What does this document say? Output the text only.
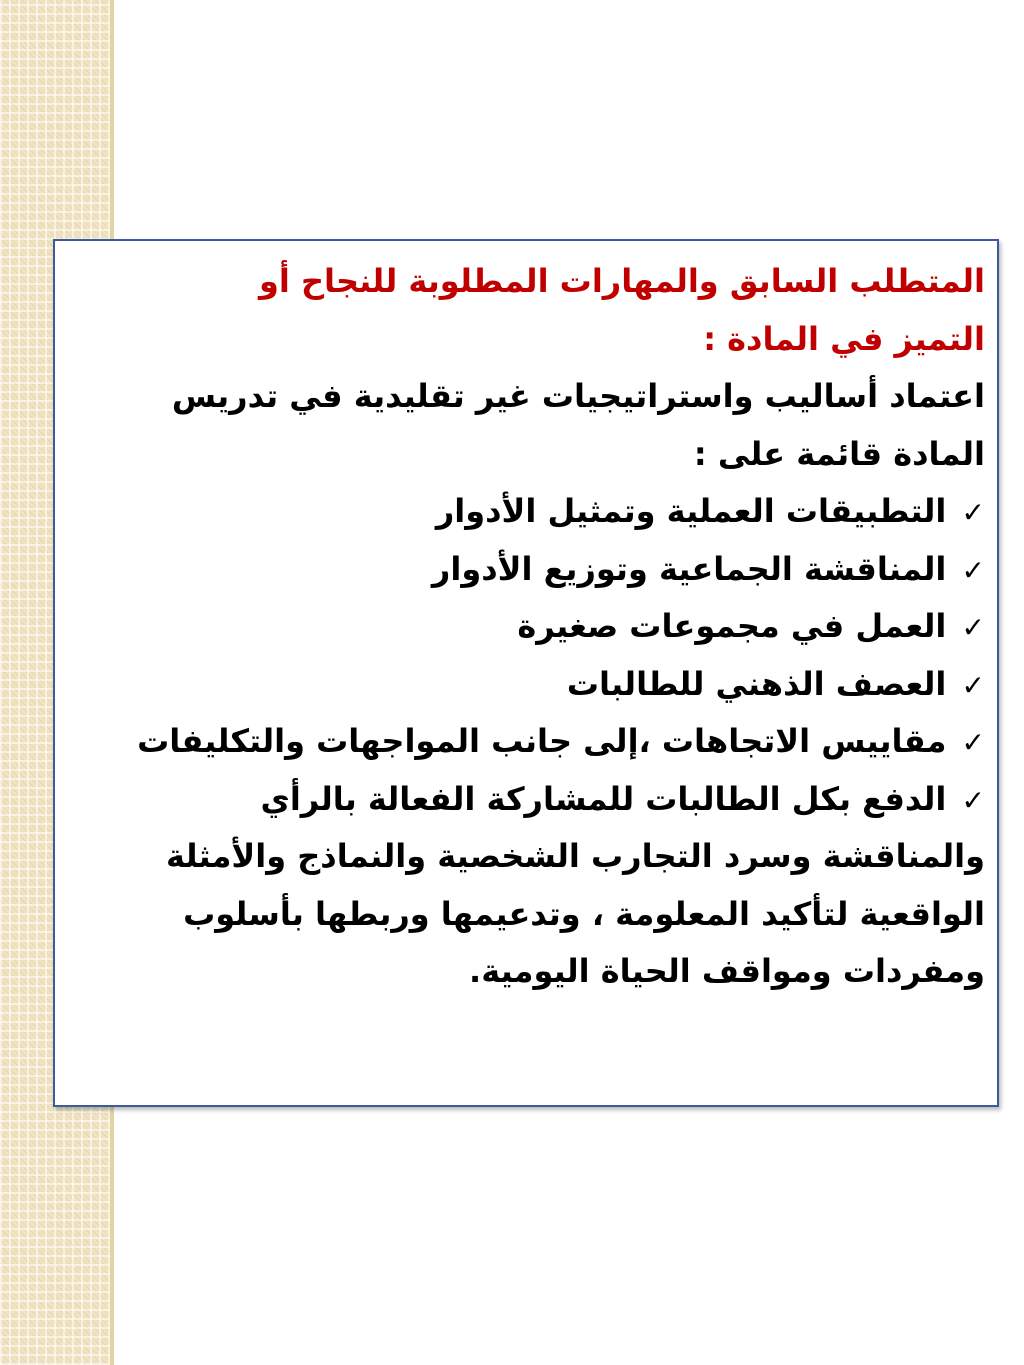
المتطلب السابق والمهارات المطلوبة للنجاح أو
التميز في المادة :
اعتماد أساليب واستراتيجيات غير تقليدية في تدريس
المادة قائمة على :
✓ التطبيقات العملية وتمثيل الأدوار
✓ المناقشة الجماعية وتوزيع الأدوار
✓ العمل في مجموعات صغيرة
✓ العصف الذهني للطالبات
✓ مقاييس الاتجاهات ،إلى جانب المواجهات والتكليفات
✓ الدفع بكل الطالبات للمشاركة الفعالة بالرأي
والمناقشة وسرد التجارب الشخصية والنماذج والأمثلة
الواقعية لتأكيد المعلومة ، وتدعيمها وربطها بأسلوب
ومفردات ومواقف الحياة اليومية.
